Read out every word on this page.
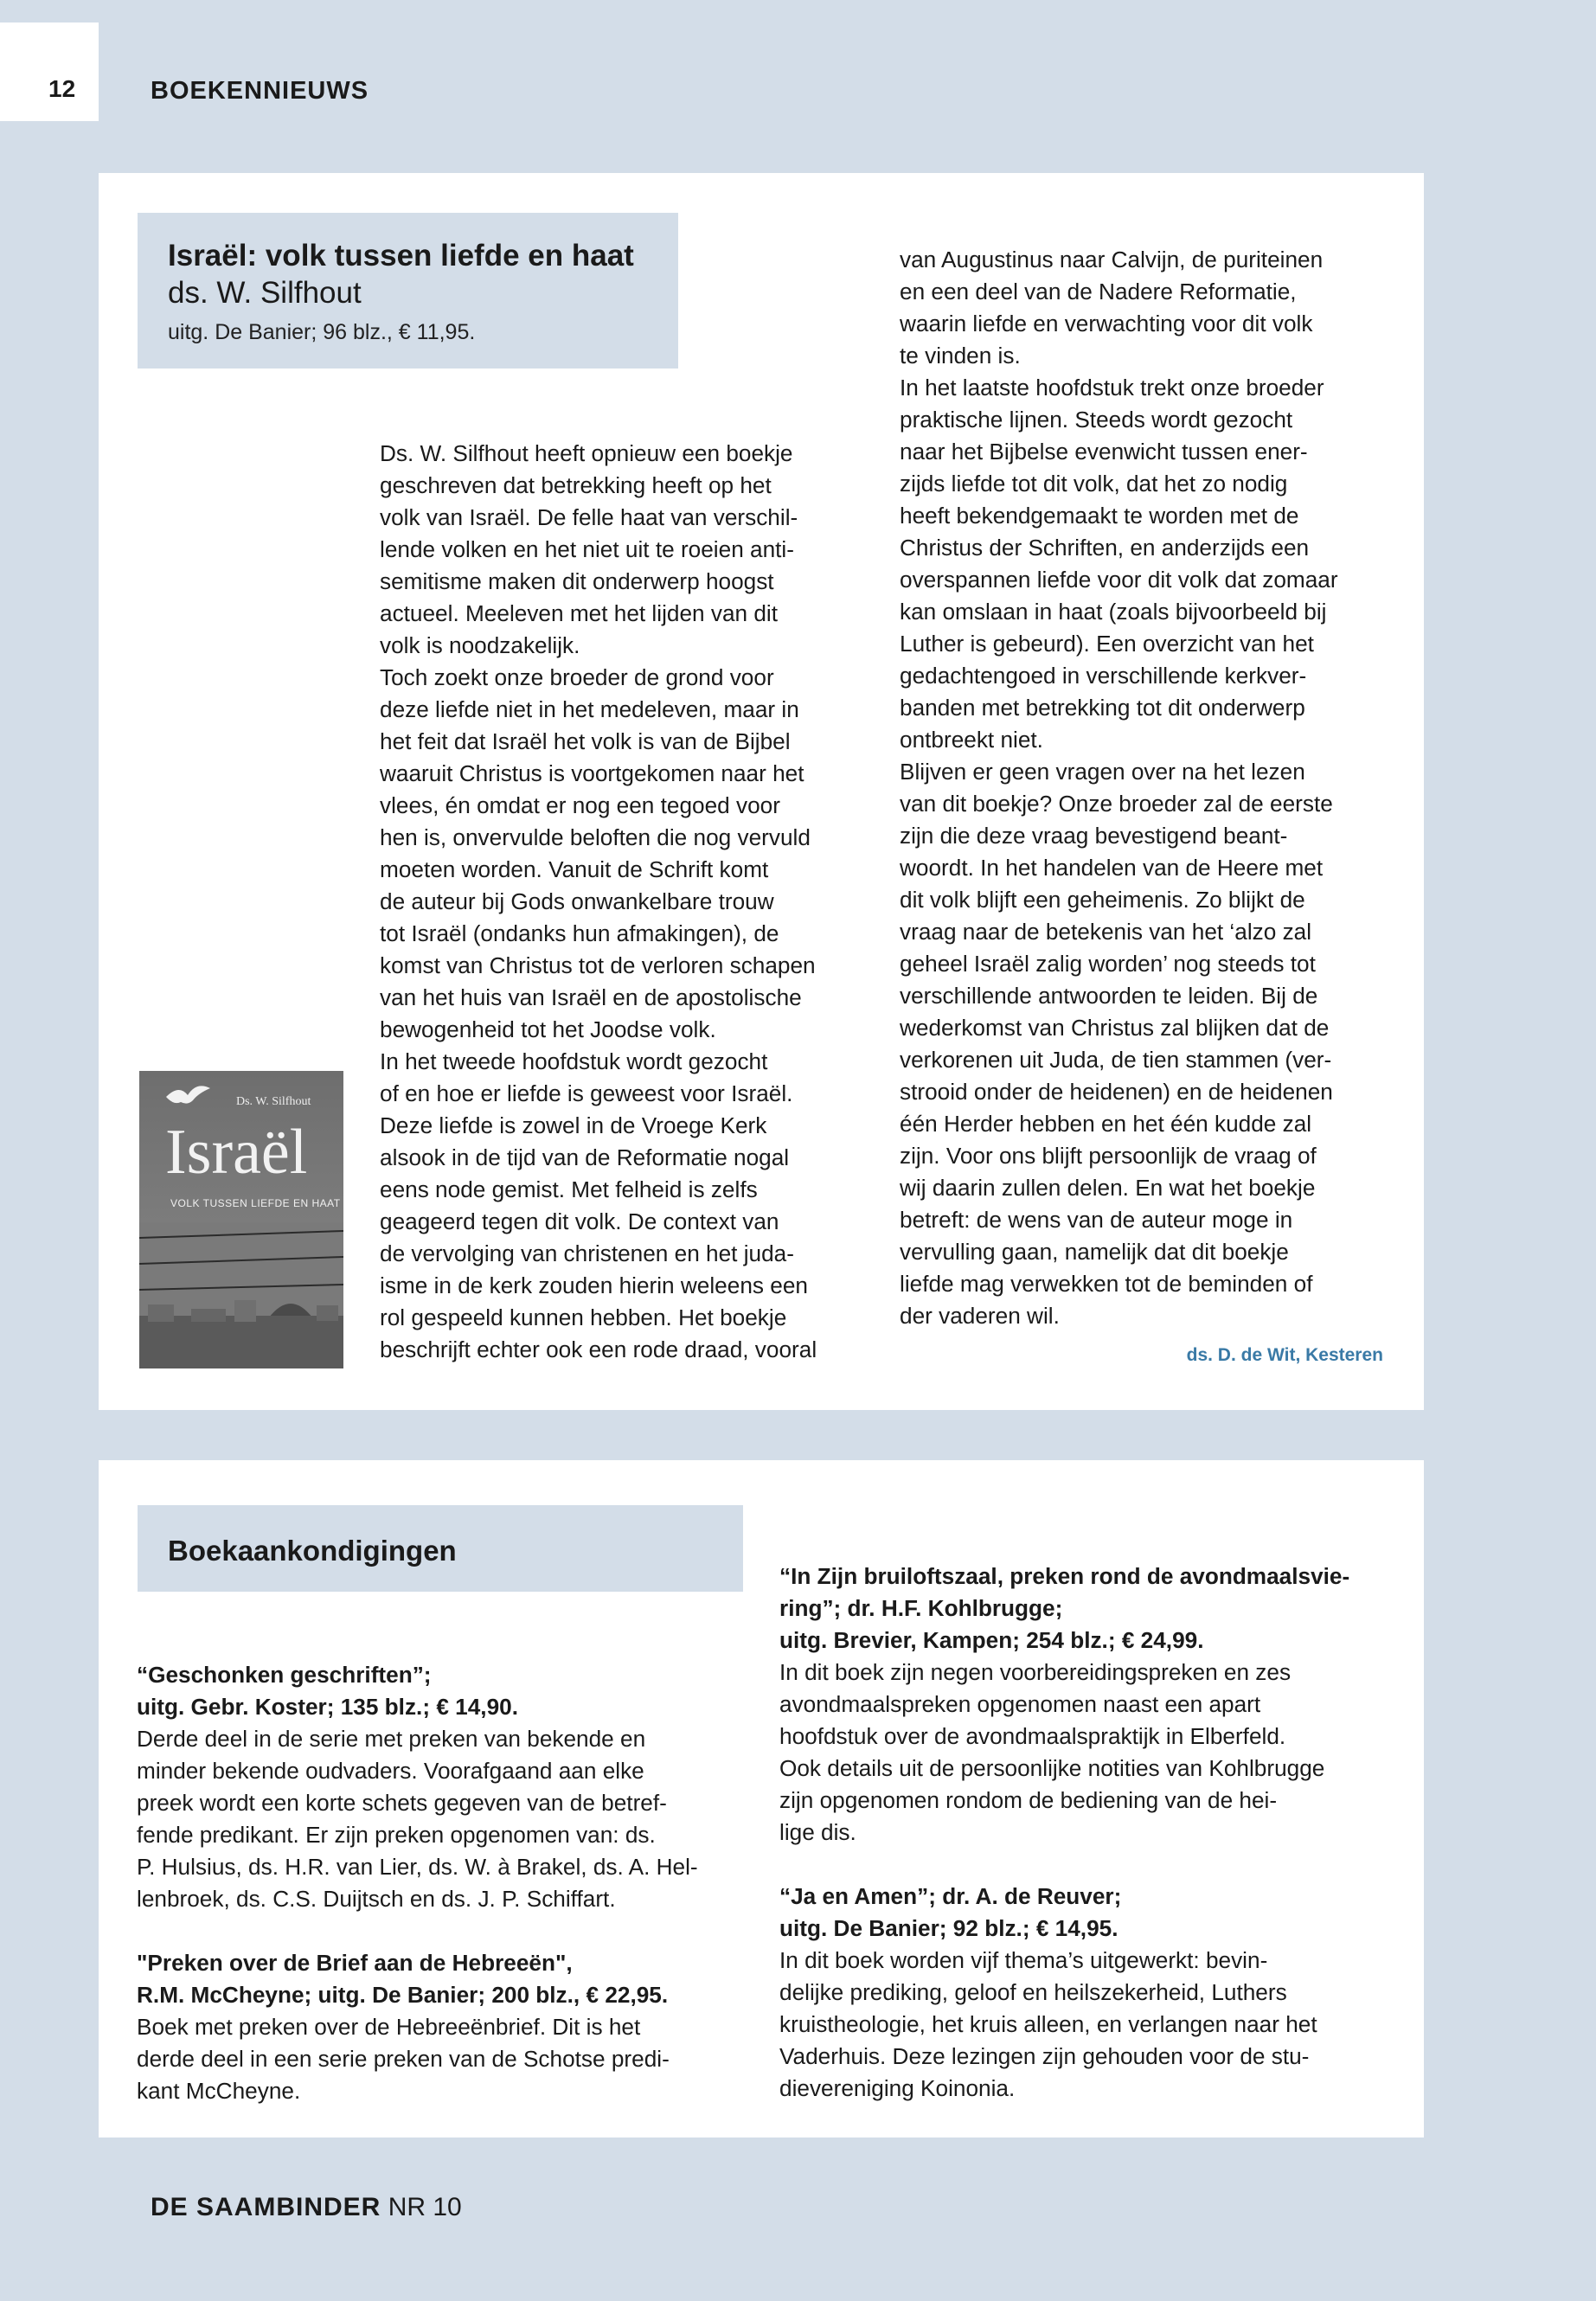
12	BOEKENNIEUWS
Israël: volk tussen liefde en haat
ds. W. Silfhout
uitg. De Banier; 96 blz., € 11,95.
Ds. W. Silfhout
Israël
VOLK TUSSEN LIEFDE EN HAAT
Ds. W. Silfhout heeft opnieuw een boekje
geschreven dat betrekking heeft op het
volk van Israël. De felle haat van verschil-
lende volken en het niet uit te roeien anti-
semitisme maken dit onderwerp hoogst
actueel. Meeleven met het lijden van dit
volk is noodzakelijk.
Toch zoekt onze broeder de grond voor
deze liefde niet in het medeleven, maar in
het feit dat Israël het volk is van de Bijbel
waaruit Christus is voortgekomen naar het
vlees, én omdat er nog een tegoed voor
hen is, onvervulde beloften die nog vervuld
moeten worden. Vanuit de Schrift komt
de auteur bij Gods onwankelbare trouw
tot Israël (ondanks hun afmakingen), de
komst van Christus tot de verloren schapen
van het huis van Israël en de apostolische
bewogenheid tot het Joodse volk.
In het tweede hoofdstuk wordt gezocht
of en hoe er liefde is geweest voor Israël.
Deze liefde is zowel in de Vroege Kerk
alsook in de tijd van de Reformatie nogal
eens node gemist. Met felheid is zelfs
geageerd tegen dit volk. De context van
de vervolging van christenen en het juda-
isme in de kerk zouden hierin weleens een
rol gespeeld kunnen hebben. Het boekje
beschrijft echter ook een rode draad, vooral
van Augustinus naar Calvijn, de puriteinen
en een deel van de Nadere Reformatie,
waarin liefde en verwachting voor dit volk
te vinden is.
In het laatste hoofdstuk trekt onze broeder
praktische lijnen. Steeds wordt gezocht
naar het Bijbelse evenwicht tussen ener-
zijds liefde tot dit volk, dat het zo nodig
heeft bekendgemaakt te worden met de
Christus der Schriften, en anderzijds een
overspannen liefde voor dit volk dat zomaar
kan omslaan in haat (zoals bijvoorbeeld bij
Luther is gebeurd). Een overzicht van het
gedachtengoed in verschillende kerkver-
banden met betrekking tot dit onderwerp
ontbreekt niet.
Blijven er geen vragen over na het lezen
van dit boekje? Onze broeder zal de eerste
zijn die deze vraag bevestigend beant-
woordt. In het handelen van de Heere met
dit volk blijft een geheimenis. Zo blijkt de
vraag naar de betekenis van het ‘alzo zal
geheel Israël zalig worden’ nog steeds tot
verschillende antwoorden te leiden. Bij de
wederkomst van Christus zal blijken dat de
verkorenen uit Juda, de tien stammen (ver-
strooid onder de heidenen) en de heidenen
één Herder hebben en het één kudde zal
zijn. Voor ons blijft persoonlijk de vraag of
wij daarin zullen delen. En wat het boekje
betreft: de wens van de auteur moge in
vervulling gaan, namelijk dat dit boekje
liefde mag verwekken tot de beminden of
der vaderen wil.
ds. D. de Wit, Kesteren
Boekaankondigingen
“Geschonken geschriften”;
uitg. Gebr. Koster; 135 blz.; € 14,90.
Derde deel in de serie met preken van bekende en
minder bekende oudvaders. Voorafgaand aan elke
preek wordt een korte schets gegeven van de betref-
fende predikant. Er zijn preken opgenomen van: ds.
P. Hulsius, ds. H.R. van Lier, ds. W. à Brakel, ds. A. Hel-
lenbroek, ds. C.S. Duijtsch en ds. J. P. Schiffart.
"Preken over de Brief aan de Hebreeën",
R.M. McCheyne; uitg. De Banier; 200 blz., € 22,95.
Boek met preken over de Hebreeënbrief. Dit is het
derde deel in een serie preken van de Schotse predi-
kant McCheyne.
“In Zijn bruiloftszaal, preken rond de avondmaalsvie-
ring”; dr. H.F. Kohlbrugge;
uitg. Brevier, Kampen; 254 blz.; € 24,99.
In dit boek zijn negen voorbereidingspreken en zes
avondmaalspreken opgenomen naast een apart
hoofdstuk over de avondmaalspraktijk in Elberfeld.
Ook details uit de persoonlijke notities van Kohlbrugge
zijn opgenomen rondom de bediening van de hei-
lige dis.
“Ja en Amen”; dr. A. de Reuver;
uitg. De Banier; 92 blz.; € 14,95.
In dit boek worden vijf thema’s uitgewerkt: bevin-
delijke prediking, geloof en heilszekerheid, Luthers
kruistheologie, het kruis alleen, en verlangen naar het
Vaderhuis. Deze lezingen zijn gehouden voor de stu-
dievereniging Koinonia.
DE SAAMBINDER NR 10
